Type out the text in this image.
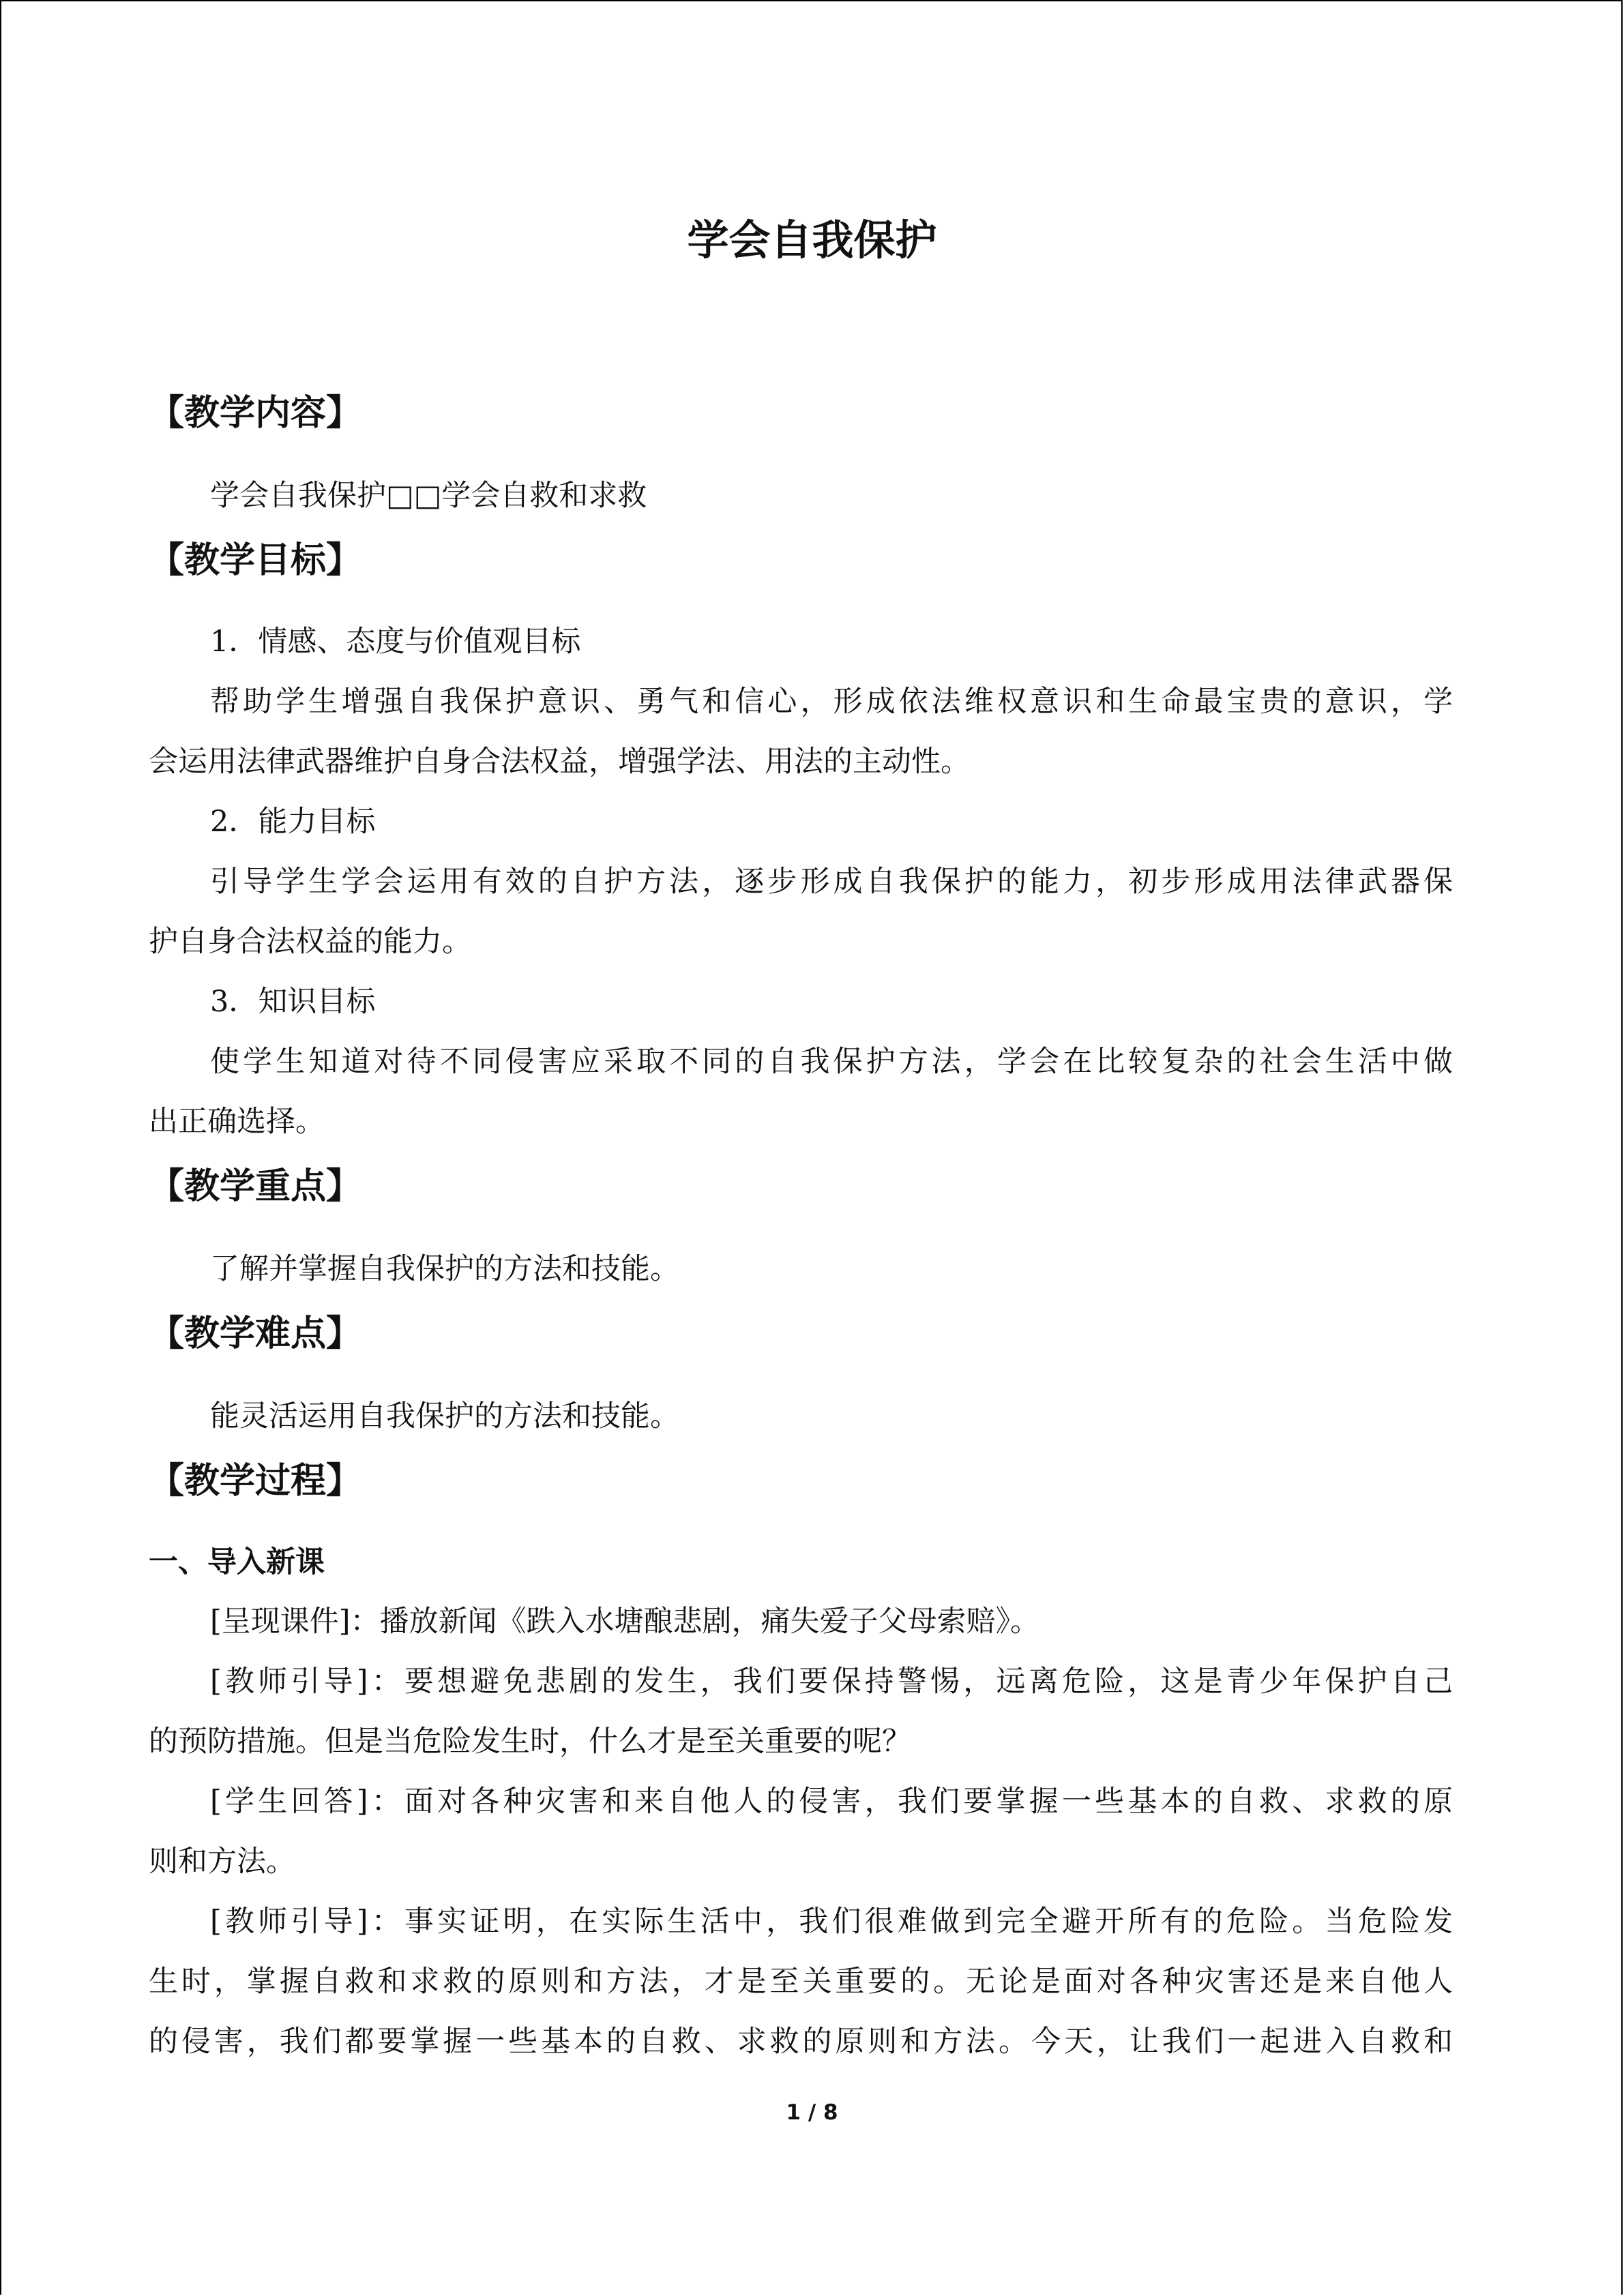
学会自我保护
【教学内容】

学会自我保护□□学会自救和求救

【教学目标】

1．情感、态度与价值观目标

帮助学生增强自我保护意识、勇气和信心，形成依法维权意识和生命最宝贵的意识，学

会运用法律武器维护自身合法权益，增强学法、用法的主动性。

2．能力目标

引导学生学会运用有效的自护方法，逐步形成自我保护的能力，初步形成用法律武器保

护自身合法权益的能力。

3．知识目标

使学生知道对待不同侵害应采取不同的自我保护方法，学会在比较复杂的社会生活中做

出正确选择。

【教学重点】

了解并掌握自我保护的方法和技能。

【教学难点】

能灵活运用自我保护的方法和技能。

【教学过程】
一、导入新课

[呈现课件]：播放新闻《跌入水塘酿悲剧，痛失爱子父母索赔》。

[教师引导]：要想避免悲剧的发生，我们要保持警惕，远离危险，这是青少年保护自己

的预防措施。但是当危险发生时，什么才是至关重要的呢？

[学生回答]：面对各种灾害和来自他人的侵害，我们要掌握一些基本的自救、求救的原

则和方法。

[教师引导]：事实证明，在实际生活中，我们很难做到完全避开所有的危险。当危险发

生时，掌握自救和求救的原则和方法，才是至关重要的。无论是面对各种灾害还是来自他人

的侵害，我们都要掌握一些基本的自救、求救的原则和方法。今天，让我们一起进入自救和

1 / 8
